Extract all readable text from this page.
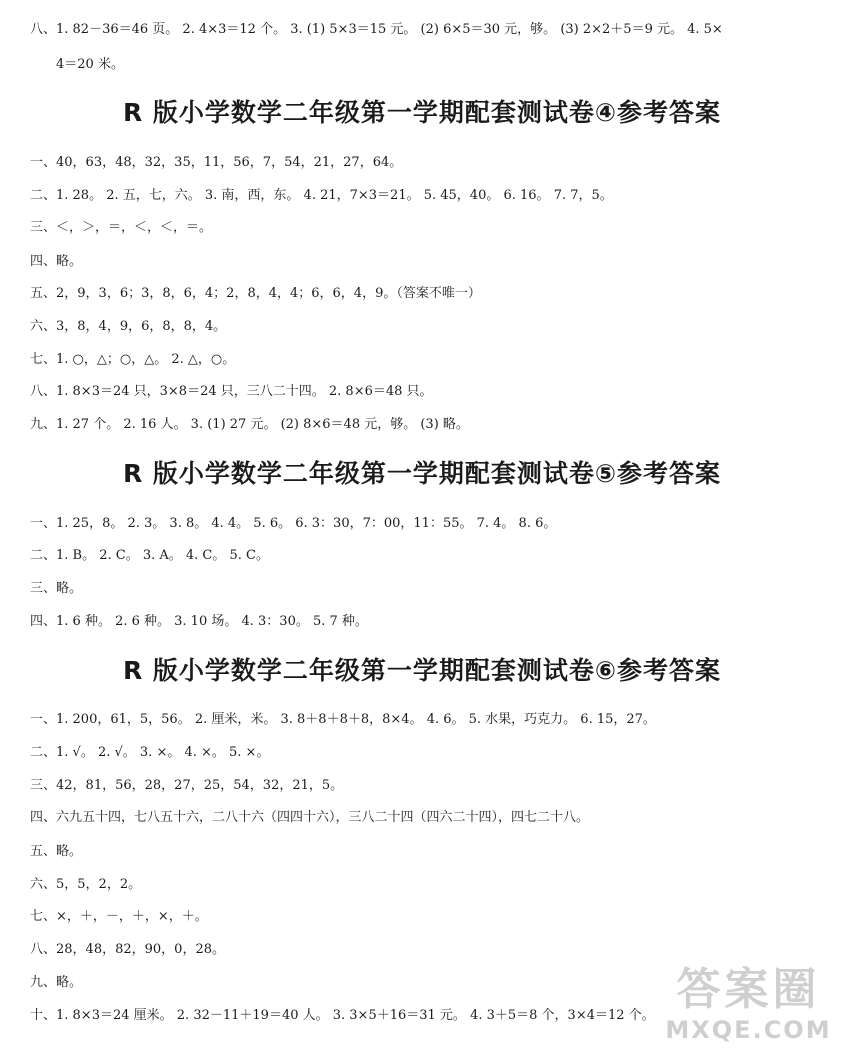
八、1. 82－36＝46 页。 2. 4×3＝12 个。 3. (1) 5×3＝15 元。 (2) 6×5＝30 元，够。 (3) 2×2＋5＝9 元。 4. 5×
4＝20 米。
R 版小学数学二年级第一学期配套测试卷④参考答案
一、40，63，48，32，35，11，56，7，54，21，27，64。
二、1. 28。 2. 五，七，六。 3. 南，西，东。 4. 21，7×3＝21。 5. 45，40。 6. 16。 7. 7，5。
三、＜，＞，＝，＜，＜，＝。
四、略。
五、2，9，3，6；3，8，6，4；2，8，4，4；6，6，4，9。（答案不唯一）
六、3，8，4，9，6，8，8，4。
七、1. ○，△；○，△。 2. △，○。
八、1. 8×3＝24 只，3×8＝24 只，三八二十四。 2. 8×6＝48 只。
九、1. 27 个。 2. 16 人。 3. (1) 27 元。 (2) 8×6＝48 元，够。 (3) 略。
R 版小学数学二年级第一学期配套测试卷⑤参考答案
一、1. 25，8。 2. 3。 3. 8。 4. 4。 5. 6。 6. 3：30，7：00，11：55。 7. 4。 8. 6。
二、1. B。 2. C。 3. A。 4. C。 5. C。
三、略。
四、1. 6 种。 2. 6 种。 3. 10 场。 4. 3：30。 5. 7 种。
R 版小学数学二年级第一学期配套测试卷⑥参考答案
一、1. 200，61，5，56。 2. 厘米，米。 3. 8＋8＋8＋8，8×4。 4. 6。 5. 水果，巧克力。 6. 15，27。
二、1. √。 2. √。 3. ×。 4. ×。 5. ×。
三、42，81，56，28，27，25，54，32，21，5。
四、六九五十四，七八五十六，二八十六（四四十六），三八二十四（四六二十四），四七二十八。
五、略。
六、5，5，2，2。
七、×，＋，－，＋，×，＋。
八、28，48，82，90，0，28。
九、略。
十、1. 8×3＝24 厘米。 2. 32－11＋19＝40 人。 3. 3×5＋16＝31 元。 4. 3＋5＝8 个，3×4＝12 个。
答案圈
MXQE.COM
